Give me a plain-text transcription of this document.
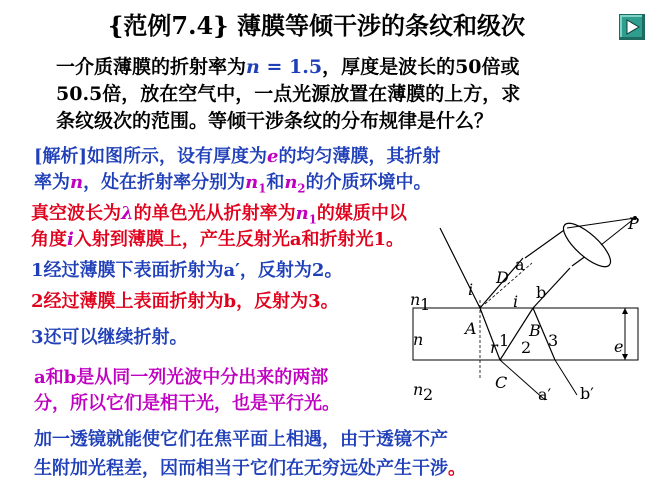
{范例7.4} 薄膜等倾干涉的条纹和级次
一介质薄膜的折射率为n = 1.5，厚度是波长的50倍或
50.5倍，放在空气中，一点光源放置在薄膜的上方，求
条纹级次的范围。等倾干涉条纹的分布规律是什么？
[解析]如图所示，设有厚度为e的均匀薄膜，其折射
率为n，处在折射率分别为$n_1$和$n_2$的介质环境中。
真空波长为λ的单色光从折射率为$n_1$的媒质中以
角度i入射到薄膜上，产生反射光a和折射光1。
1经过薄膜下表面折射为a′，反射为2。
2经过薄膜上表面折射为b，反射为3。
3还可以继续折射。
a和b是从同一列光波中分出来的两部
分，所以它们是相干光，也是平行光。
加一透镜就能使它们在焦平面上相遇，由于透镜不产
生附加光程差，因而相当于它们在无穷远处产生干涉。
P
a
b
D
i
i
n 1
n
n 2
A	B
C
r 1 2 3	e
a′ b′
